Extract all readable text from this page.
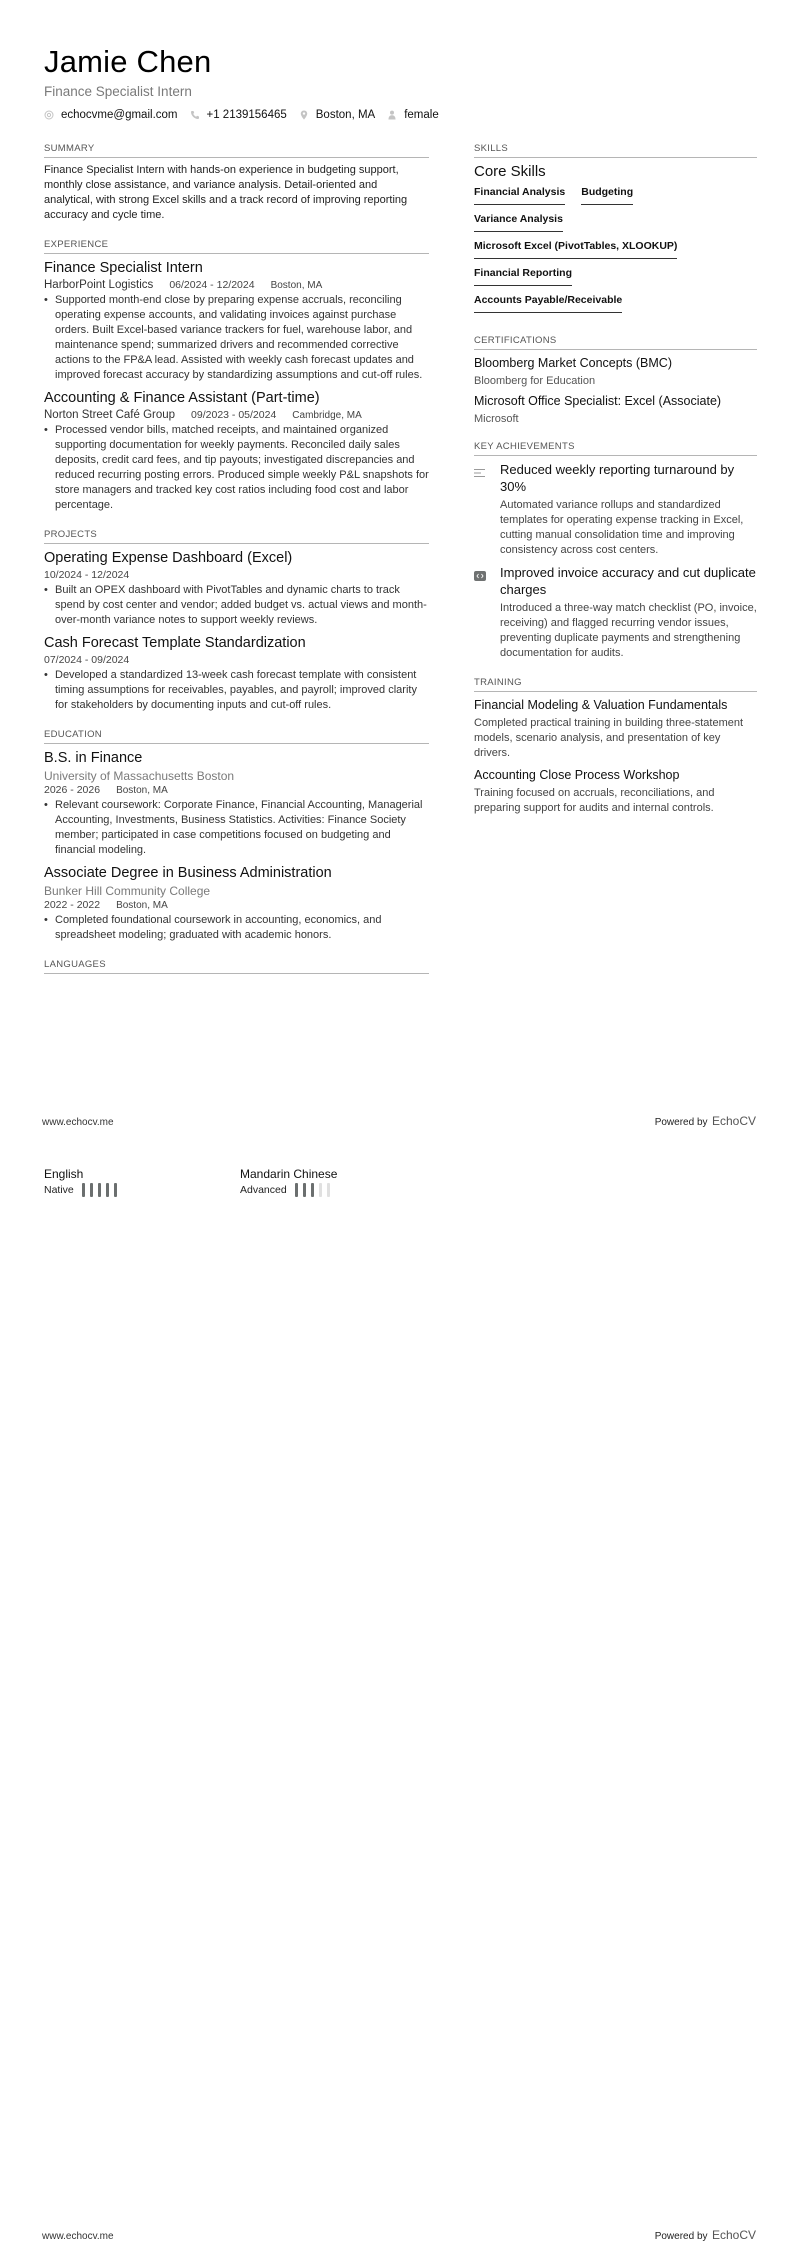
Jamie Chen
Finance Specialist Intern
echocvme@gmail.com	+1 2139156465	Boston, MA	female
SUMMARY
Finance Specialist Intern with hands-on experience in budgeting support, monthly close assistance, and variance analysis. Detail-oriented and analytical, with strong Excel skills and a track record of improving reporting accuracy and cycle time.
EXPERIENCE
Finance Specialist Intern
HarborPoint Logistics 06/2024 - 12/2024 Boston, MA
• Supported month-end close by preparing expense accruals, reconciling operating expense accounts, and validating invoices against purchase orders. Built Excel-based variance trackers for fuel, warehouse labor, and maintenance spend; summarized drivers and recommended corrective actions to the FP&A lead. Assisted with weekly cash forecast updates and improved forecast accuracy by standardizing assumptions and cut-off rules.
Accounting & Finance Assistant (Part-time)
Norton Street Café Group 09/2023 - 05/2024 Cambridge, MA
• Processed vendor bills, matched receipts, and maintained organized supporting documentation for weekly payments. Reconciled daily sales deposits, credit card fees, and tip payouts; investigated discrepancies and reduced recurring posting errors. Produced simple weekly P&L snapshots for store managers and tracked key cost ratios including food cost and labor percentage.
PROJECTS
Operating Expense Dashboard (Excel)
10/2024 - 12/2024
• Built an OPEX dashboard with PivotTables and dynamic charts to track spend by cost center and vendor; added budget vs. actual views and month-over-month variance notes to support weekly reviews.
Cash Forecast Template Standardization
07/2024 - 09/2024
• Developed a standardized 13-week cash forecast template with consistent timing assumptions for receivables, payables, and payroll; improved clarity for stakeholders by documenting inputs and cut-off rules.
EDUCATION
B.S. in Finance
University of Massachusetts Boston
2026 - 2026 Boston, MA
• Relevant coursework: Corporate Finance, Financial Accounting, Managerial Accounting, Investments, Business Statistics. Activities: Finance Society member; participated in case competitions focused on budgeting and financial modeling.
Associate Degree in Business Administration
Bunker Hill Community College
2022 - 2022 Boston, MA
• Completed foundational coursework in accounting, economics, and spreadsheet modeling; graduated with academic honors.
LANGUAGES
SKILLS
Core Skills
Financial Analysis Budgeting
Variance Analysis
Microsoft Excel (PivotTables, XLOOKUP)
Financial Reporting
Accounts Payable/Receivable
CERTIFICATIONS
Bloomberg Market Concepts (BMC)
Bloomberg for Education
Microsoft Office Specialist: Excel (Associate)
Microsoft
KEY ACHIEVEMENTS
Reduced weekly reporting turnaround by 30%
Automated variance rollups and standardized templates for operating expense tracking in Excel, cutting manual consolidation time and improving consistency across cost centers.
Improved invoice accuracy and cut duplicate charges
Introduced a three-way match checklist (PO, invoice, receiving) and flagged recurring vendor issues, preventing duplicate payments and strengthening documentation for audits.
TRAINING
Financial Modeling & Valuation Fundamentals
Completed practical training in building three-statement models, scenario analysis, and presentation of key drivers.
Accounting Close Process Workshop
Training focused on accruals, reconciliations, and preparing support for audits and internal controls.
www.echocv.me	Powered by EchoCV
English
Native
Mandarin Chinese
Advanced
www.echocv.me	Powered by EchoCV
